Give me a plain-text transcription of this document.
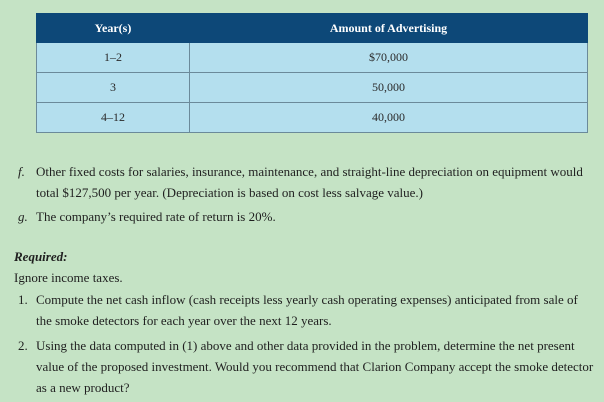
Year(s)	Amount of Advertising
1–2	$70,000
3	50,000
4–12	40,000
f. Other fixed costs for salaries, insurance, maintenance, and straight-line depreciation on equipment would total $127,500 per year. (Depreciation is based on cost less salvage value.)
g. The company’s required rate of return is 20%.
Required:
Ignore income taxes.
1. Compute the net cash inflow (cash receipts less yearly cash operating expenses) anticipated from sale of the smoke detectors for each year over the next 12 years.
2. Using the data computed in (1) above and other data provided in the problem, determine the net present value of the proposed investment. Would you recommend that Clarion Company accept the smoke detector as a new product?
